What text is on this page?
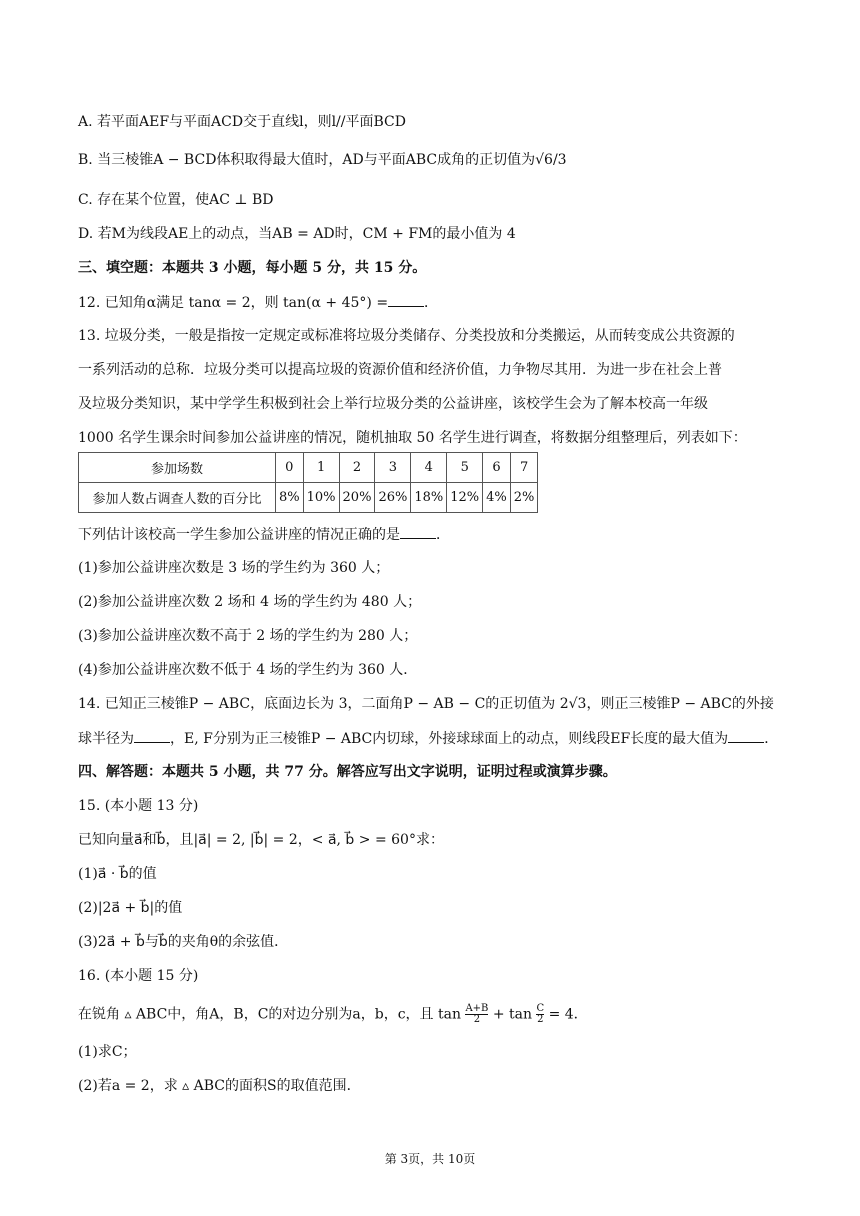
A. 若平面AEF与平面ACD交于直线l，则l//平面BCD
B. 当三棱锥A − BCD体积取得最大值时，AD与平面ABC成角的正切值为√6/3
C. 存在某个位置，使AC ⊥ BD
D. 若M为线段AE上的动点，当AB = AD时，CM + FM的最小值为 4
三、填空题：本题共 3 小题，每小题 5 分，共 15 分。
12. 已知角α满足 tanα = 2，则 tan(α + 45°) =	．
13. 垃圾分类，一般是指按一定规定或标准将垃圾分类储存、分类投放和分类搬运，从而转变成公共资源的
一系列活动的总称．垃圾分类可以提高垃圾的资源价值和经济价值，力争物尽其用．为进一步在社会上普
及垃圾分类知识，某中学学生积极到社会上举行垃圾分类的公益讲座，该校学生会为了解本校高一年级
1000 名学生课余时间参加公益讲座的情况，随机抽取 50 名学生进行调查，将数据分组整理后，列表如下：
参加场数	0	1	2	3	4	5	6	7
参加人数占调查人数的百分比	8%	10%	20%	26%	18%	12%	4%	2%
下列估计该校高一学生参加公益讲座的情况正确的是	．
(1)参加公益讲座次数是 3 场的学生约为 360 人；
(2)参加公益讲座次数 2 场和 4 场的学生约为 480 人；
(3)参加公益讲座次数不高于 2 场的学生约为 280 人；
(4)参加公益讲座次数不低于 4 场的学生约为 360 人．
14. 已知正三棱锥P − ABC，底面边长为 3，二面角P − AB − C的正切值为 2√3，则正三棱锥P − ABC的外接
球半径为	，E, F分别为正三棱锥P − ABC内切球，外接球球面上的动点，则线段EF长度的最大值为	．
四、解答题：本题共 5 小题，共 77 分。解答应写出文字说明，证明过程或演算步骤。
15. (本小题 13 分)
已知向量a⃗和b⃗，且|a⃗| = 2, |b⃗| = 2，< a⃗, b⃗ > = 60°求：
(1)a⃗ · b⃗的值
(2)|2a⃗ + b⃗|的值
(3)2a⃗ + b⃗与b⃗的夹角θ的余弦值．
16. (本小题 15 分)
在锐角 ▵ ABC中，角A，B，C的对边分别为a，b，c，且 $\tan \frac{A+B}{2} + \tan \frac{C}{2} = 4$．
(1)求C；
(2)若a = 2，求 ▵ ABC的面积S的取值范围．
第 3页，共 10页
